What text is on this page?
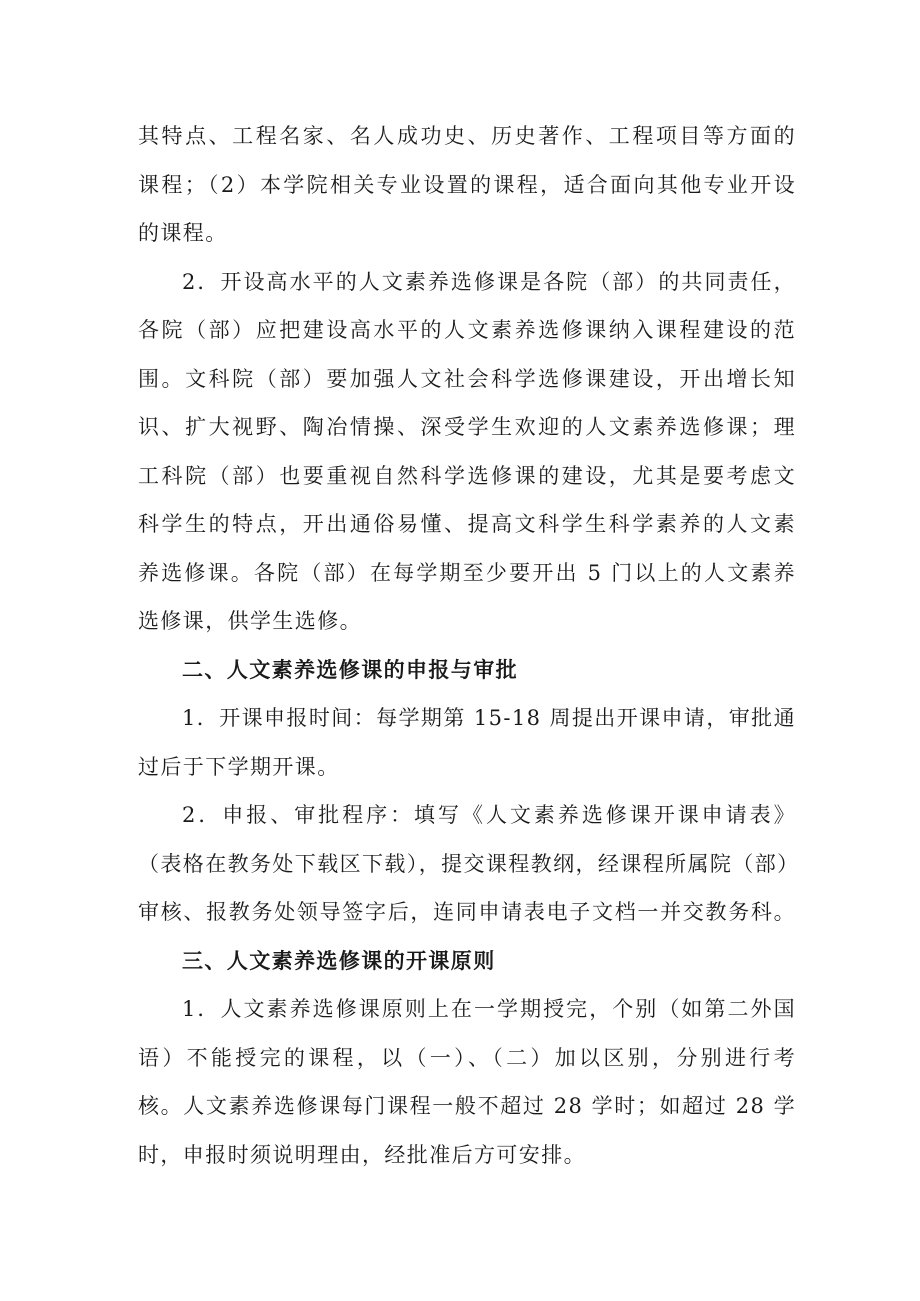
其特点、工程名家、名人成功史、历史著作、工程项目等方面的
课程；（2）本学院相关专业设置的课程，适合面向其他专业开设
的课程。
2．开设高水平的人文素养选修课是各院（部）的共同责任，
各院（部）应把建设高水平的人文素养选修课纳入课程建设的范
围。文科院（部）要加强人文社会科学选修课建设，开出增长知
识、扩大视野、陶冶情操、深受学生欢迎的人文素养选修课；理
工科院（部）也要重视自然科学选修课的建设，尤其是要考虑文
科学生的特点，开出通俗易懂、提高文科学生科学素养的人文素
养选修课。各院（部）在每学期至少要开出 5 门以上的人文素养
选修课，供学生选修。
二、人文素养选修课的申报与审批
1．开课申报时间：每学期第 15-18 周提出开课申请，审批通
过后于下学期开课。
2．申报、审批程序：填写《人文素养选修课开课申请表》
（表格在教务处下载区下载），提交课程教纲，经课程所属院（部）
审核、报教务处领导签字后，连同申请表电子文档一并交教务科。
三、人文素养选修课的开课原则
1．人文素养选修课原则上在一学期授完，个别（如第二外国
语）不能授完的课程，以（一）、（二）加以区别，分别进行考
核。人文素养选修课每门课程一般不超过 28 学时；如超过 28 学
时，申报时须说明理由，经批准后方可安排。
